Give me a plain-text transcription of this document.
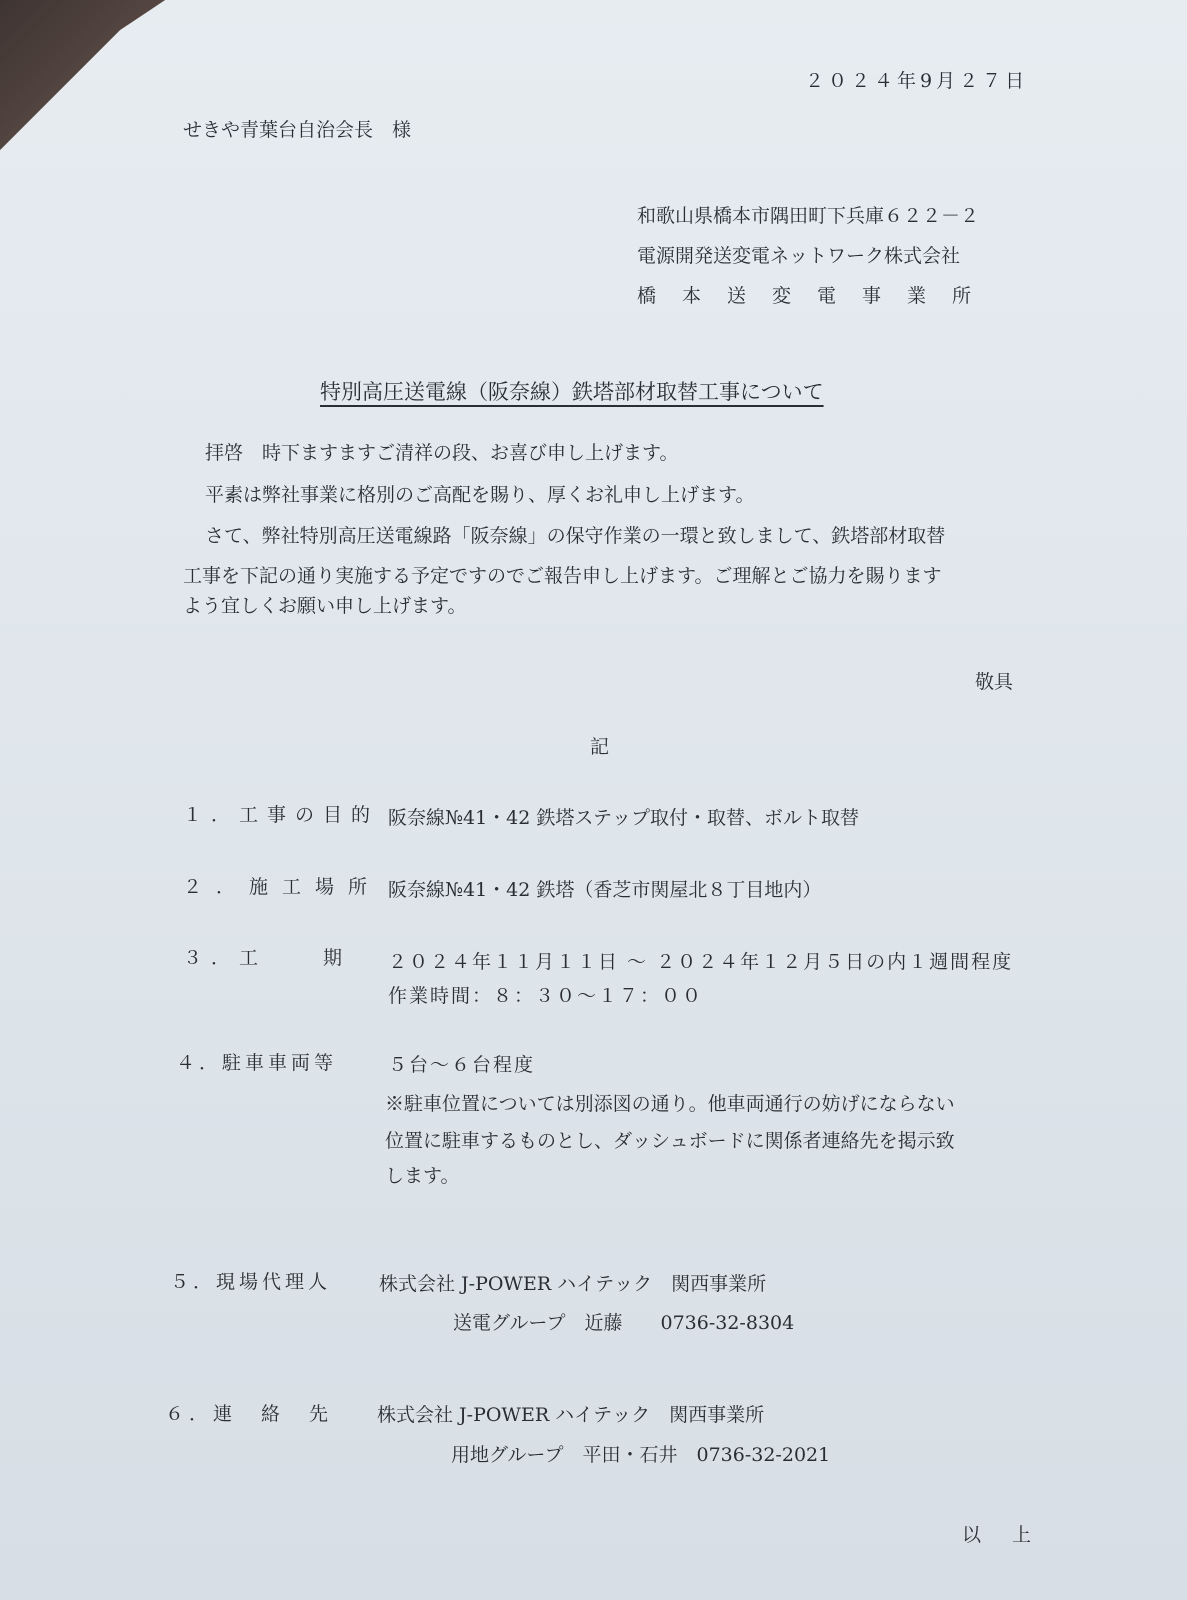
２０２４年9月２７日
せきや青葉台自治会長　様
和歌山県橋本市隅田町下兵庫６２２－２
電源開発送変電ネットワーク株式会社
橋本送変電事業所
特別高圧送電線（阪奈線）鉄塔部材取替工事について
拝啓　時下ますますご清祥の段、お喜び申し上げます。
平素は弊社事業に格別のご高配を賜り、厚くお礼申し上げます。
さて、弊社特別高圧送電線路「阪奈線」の保守作業の一環と致しまして、鉄塔部材取替
工事を下記の通り実施する予定ですのでご報告申し上げます。ご理解とご協力を賜ります
よう宜しくお願い申し上げます。
敬具
記
１．工事の目的 阪奈線№41・42 鉄塔ステップ取付・取替、ボルト取替
２．施工場所 阪奈線№41・42 鉄塔（香芝市関屋北８丁目地内）
３．工　　期 ２０２４年１１月１１日 ～ ２０２４年１２月５日の内１週間程度
作業時間：８：３０～１７：００
４．駐車車両等	５台～６台程度
※駐車位置については別添図の通り。他車両通行の妨げにならない
位置に駐車するものとし、ダッシュボードに関係者連絡先を掲示致
します。
５．現場代理人	株式会社 J-POWER ハイテック　関西事業所
送電グループ　近藤　　0736-32-8304
６．連　絡　先 株式会社 J-POWER ハイテック　関西事業所
用地グループ　平田・石井　0736-32-2021
以　上
